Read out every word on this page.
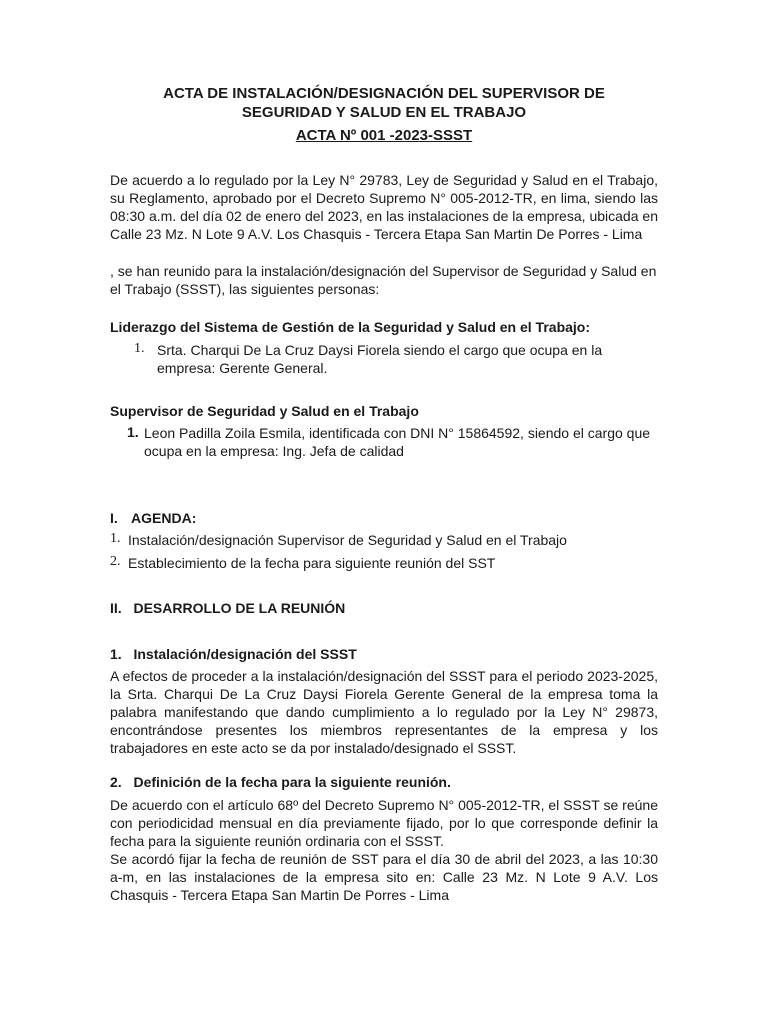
ACTA DE INSTALACIÓN/DESIGNACIÓN DEL SUPERVISOR DE
SEGURIDAD Y SALUD EN EL TRABAJO
ACTA Nº 001 -2023-SSST
De acuerdo a lo regulado por la Ley N° 29783, Ley de Seguridad y Salud en el Trabajo, su Reglamento, aprobado por el Decreto Supremo N° 005-2012-TR, en lima, siendo las 08:30 a.m. del día 02 de enero del 2023, en las instalaciones de la empresa, ubicada en Calle 23 Mz. N Lote 9 A.V. Los Chasquis - Tercera Etapa San Martin De Porres - Lima
, se han reunido para la instalación/designación del Supervisor de Seguridad y Salud en el Trabajo (SSST), las siguientes personas:
Liderazgo del Sistema de Gestión de la Seguridad y Salud en el Trabajo:
1. Srta. Charqui De La Cruz Daysi Fiorela siendo el cargo que ocupa en la empresa: Gerente General.
Supervisor de Seguridad y Salud en el Trabajo
1. Leon Padilla Zoila Esmila, identificada con DNI N° 15864592, siendo el cargo que ocupa en la empresa: Ing. Jefa de calidad
I. AGENDA:
1. Instalación/designación Supervisor de Seguridad y Salud en el Trabajo
2. Establecimiento de la fecha para siguiente reunión del SST
II. DESARROLLO DE LA REUNIÓN
1. Instalación/designación del SSST
A efectos de proceder a la instalación/designación del SSST para el periodo 2023-2025, la Srta. Charqui De La Cruz Daysi Fiorela Gerente General de la empresa toma la palabra manifestando que dando cumplimiento a lo regulado por la Ley N° 29873, encontrándose presentes los miembros representantes de la empresa y los trabajadores en este acto se da por instalado/designado el SSST.
2. Definición de la fecha para la siguiente reunión.
De acuerdo con el artículo 68º del Decreto Supremo N° 005-2012-TR, el SSST se reúne con periodicidad mensual en día previamente fijado, por lo que corresponde definir la fecha para la siguiente reunión ordinaria con el SSST.
Se acordó fijar la fecha de reunión de SST para el día 30 de abril del 2023, a las 10:30 a-m, en las instalaciones de la empresa sito en: Calle 23 Mz. N Lote 9 A.V. Los Chasquis - Tercera Etapa San Martin De Porres - Lima
